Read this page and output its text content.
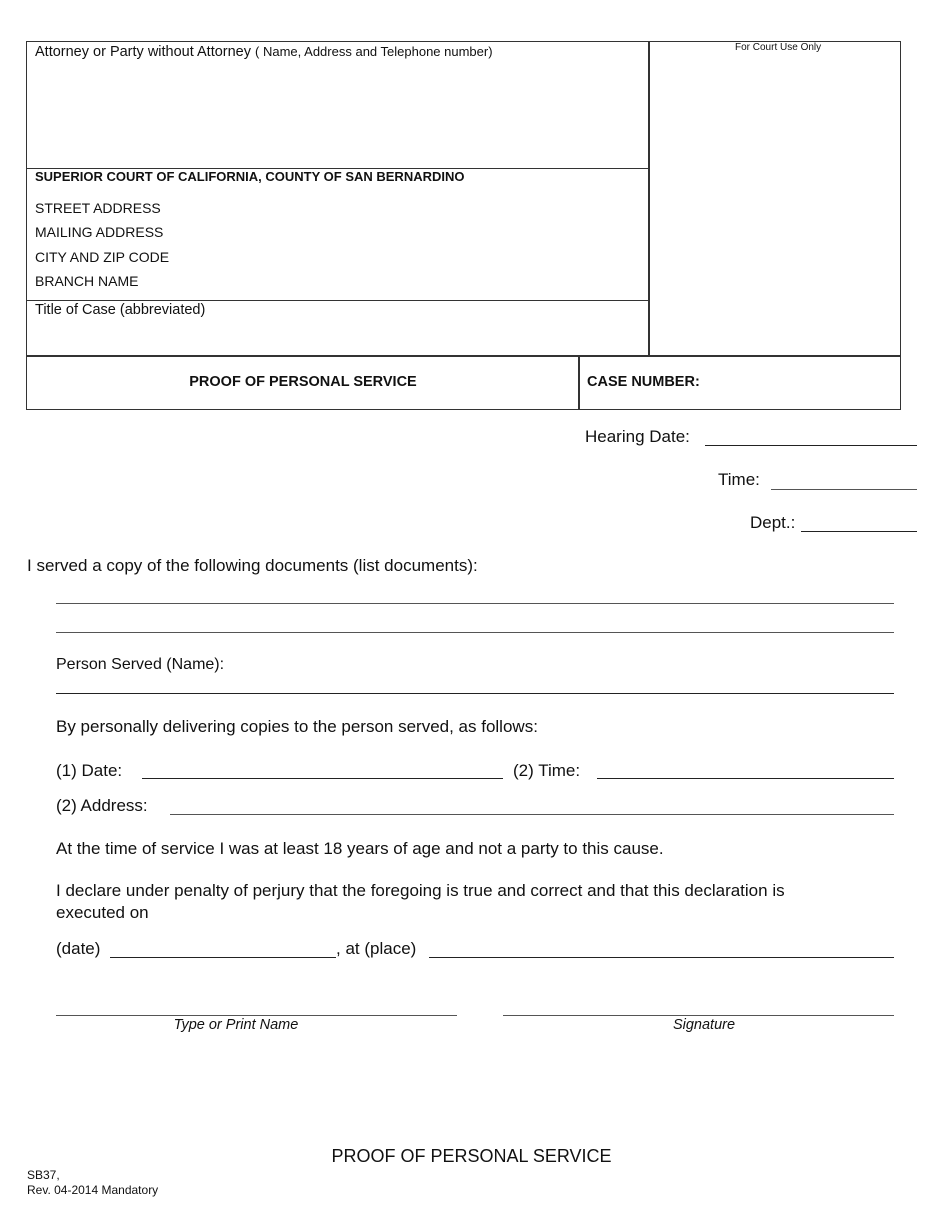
Attorney or Party without Attorney ( Name, Address and Telephone number)	For Court Use Only
SUPERIOR COURT OF CALIFORNIA, COUNTY OF SAN BERNARDINO
STREET ADDRESS
MAILING ADDRESS
CITY AND ZIP CODE
BRANCH NAME
Title of Case (abbreviated)
PROOF OF PERSONAL SERVICE	CASE NUMBER:
Hearing Date:
Time:
Dept.:
I served a copy of the following documents (list documents):
Person Served (Name):
By personally delivering copies to the person served, as follows:
(1) Date:	(2) Time:
(2) Address:
At the time of service I was at least 18 years of age and not a party to this cause.
I declare under penalty of perjury that the foregoing is true and correct and that this declaration is
executed on
(date)	, at (place)
Type or Print Name	Signature
PROOF OF PERSONAL SERVICE
SB37,
Rev. 04-2014 Mandatory
